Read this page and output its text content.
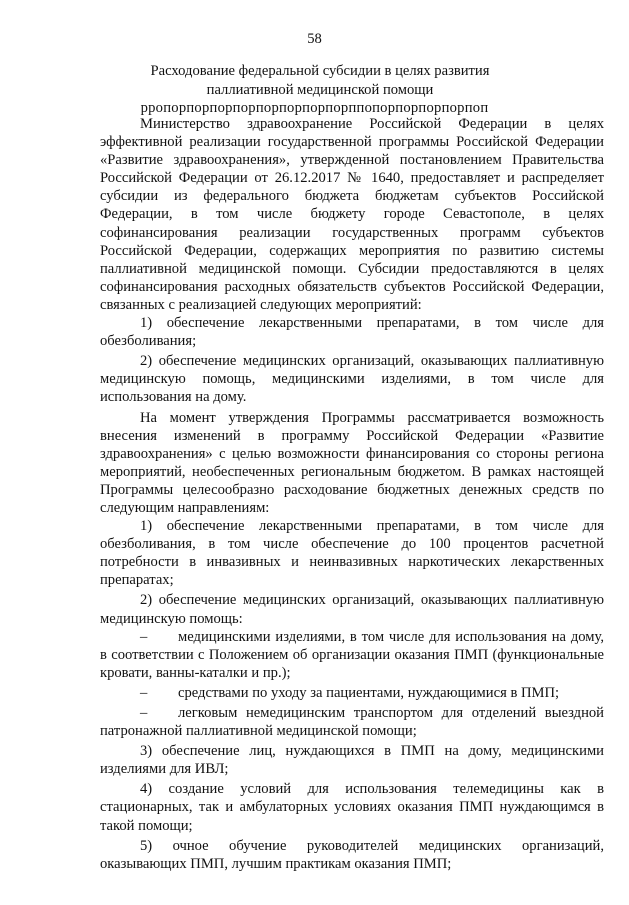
58
Расходование федеральной субсидии в целях развития паллиативной медицинской помощи
рропорпорпорпорпорпорпорпорппопорпорпорпорпоп

Министерство здравоохранение Российской Федерации в целях эффективной реализации государственной программы Российской Федерации «Развитие здравоохранения», утвержденной постановлением Правительства Российской Федерации от 26.12.2017 № 1640, предоставляет и распределяет субсидии из федерального бюджета бюджетам субъектов Российской Федерации, в том числе бюджету городе Севастополе, в целях софинансирования реализации государственных программ субъектов Российской Федерации, содержащих мероприятия по развитию системы паллиативной медицинской помощи. Субсидии предоставляются в целях софинансирования расходных обязательств субъектов Российской Федерации, связанных с реализацией следующих мероприятий:

1) обеспечение лекарственными препаратами, в том числе для обезболивания;

2) обеспечение медицинских организаций, оказывающих паллиативную медицинскую помощь, медицинскими изделиями, в том числе для использования на дому.

На момент утверждения Программы рассматривается возможность внесения изменений в программу Российской Федерации «Развитие здравоохранения» с целью возможности финансирования со стороны региона мероприятий, необеспеченных региональным бюджетом. В рамках настоящей Программы целесообразно расходование бюджетных денежных средств по следующим направлениям:

1) обеспечение лекарственными препаратами, в том числе для обезболивания, в том числе обеспечение до 100 процентов расчетной потребности в инвазивных и неинвазивных наркотических лекарственных препаратах;

2) обеспечение медицинских организаций, оказывающих паллиативную медицинскую помощь:

–	медицинскими изделиями, в том числе для использования на дому,

в соответствии с Положением об организации оказания ПМП (функциональные кровати, ванны-каталки и пр.);

–	средствами по уходу за пациентами, нуждающимися в ПМП;
–	легковым немедицинским транспортом для отделений выездной

патронажной паллиативной медицинской помощи;

3) обеспечение лиц, нуждающихся в ПМП на дому, медицинскими изделиями для ИВЛ;

4) создание условий для использования телемедицины как в стационарных, так и амбулаторных условиях оказания ПМП нуждающимся в такой помощи;

5) очное обучение руководителей медицинских организаций, оказывающих ПМП, лучшим практикам оказания ПМП;
